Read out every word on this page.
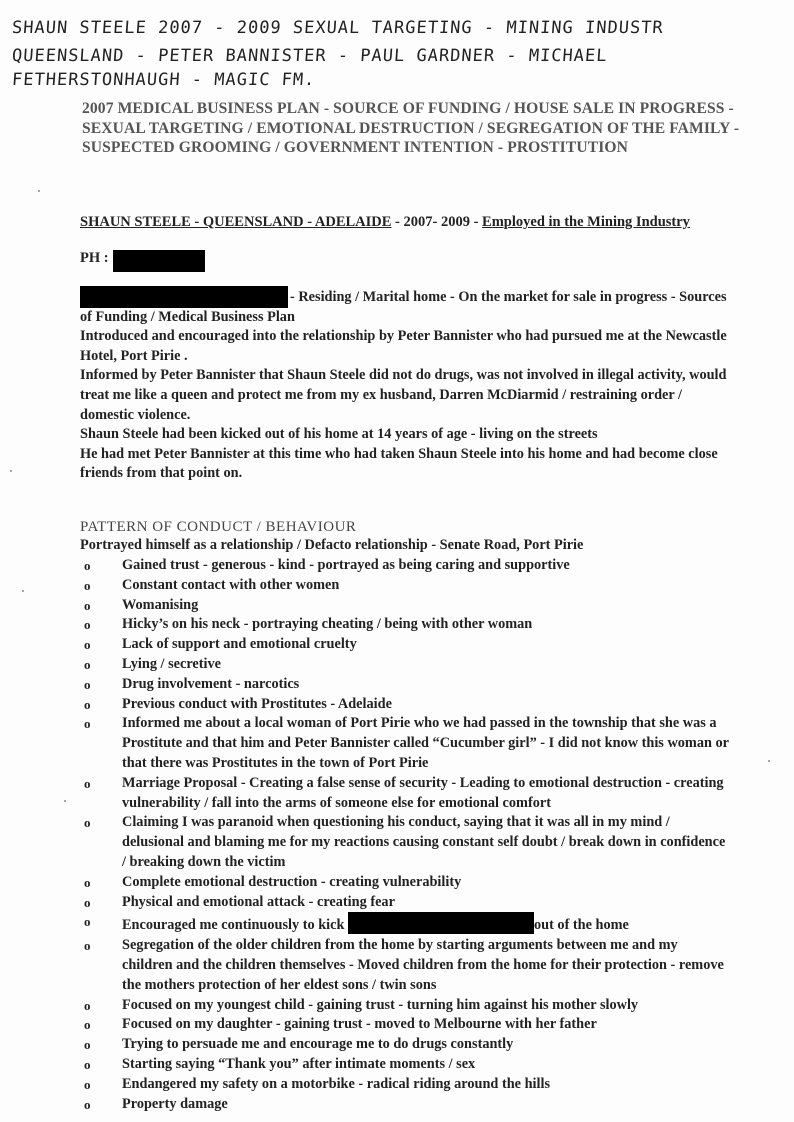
SHAUN STEELE 2007 - 2009 SEXUAL TARGETING - MINING INDUSTR
QUEENSLAND - PETER BANNISTER - PAUL GARDNER - MICHAEL
FETHERSTONHAUGH - MAGIC FM.
2007 MEDICAL BUSINESS PLAN - SOURCE OF FUNDING / HOUSE SALE IN PROGRESS - SEXUAL TARGETING / EMOTIONAL DESTRUCTION / SEGREGATION OF THE FAMILY - SUSPECTED GROOMING / GOVERNMENT INTENTION - PROSTITUTION
SHAUN STEELE - QUEENSLAND - ADELAIDE - 2007- 2009 - Employed in the Mining Industry
PH :
- Residing / Marital home - On the market for sale in progress - Sources of Funding / Medical Business Plan
Introduced and encouraged into the relationship by Peter Bannister who had pursued me at the Newcastle Hotel, Port Pirie .
Informed by Peter Bannister that Shaun Steele did not do drugs, was not involved in illegal activity, would treat me like a queen and protect me from my ex husband, Darren McDiarmid / restraining order / domestic violence.
Shaun Steele had been kicked out of his home at 14 years of age - living on the streets
He had met Peter Bannister at this time who had taken Shaun Steele into his home and had become close friends from that point on.
PATTERN OF CONDUCT / BEHAVIOUR
Portrayed himself as a relationship / Defacto relationship - Senate Road, Port Pirie
o Gained trust - generous - kind - portrayed as being caring and supportive
o Constant contact with other women
o Womanising
o Hicky’s on his neck - portraying cheating / being with other woman
o Lack of support and emotional cruelty
o Lying / secretive
o Drug involvement - narcotics
o Previous conduct with Prostitutes - Adelaide
o Informed me about a local woman of Port Pirie who we had passed in the township that she was a Prostitute and that him and Peter Bannister called “Cucumber girl” - I did not know this woman or that there was Prostitutes in the town of Port Pirie
o Marriage Proposal - Creating a false sense of security - Leading to emotional destruction - creating vulnerability / fall into the arms of someone else for emotional comfort
o Claiming I was paranoid when questioning his conduct, saying that it was all in my mind / delusional and blaming me for my reactions causing constant self doubt / break down in confidence / breaking down the victim
o Complete emotional destruction - creating vulnerability
o Physical and emotional attack - creating fear
o Encouraged me continuously to kick	out of the home
o Segregation of the older children from the home by starting arguments between me and my children and the children themselves - Moved children from the home for their protection - remove the mothers protection of her eldest sons / twin sons
o Focused on my youngest child - gaining trust - turning him against his mother slowly
o Focused on my daughter - gaining trust - moved to Melbourne with her father
o Trying to persuade me and encourage me to do drugs constantly
o Starting saying “Thank you” after intimate moments / sex
o Endangered my safety on a motorbike - radical riding around the hills
o Property damage
